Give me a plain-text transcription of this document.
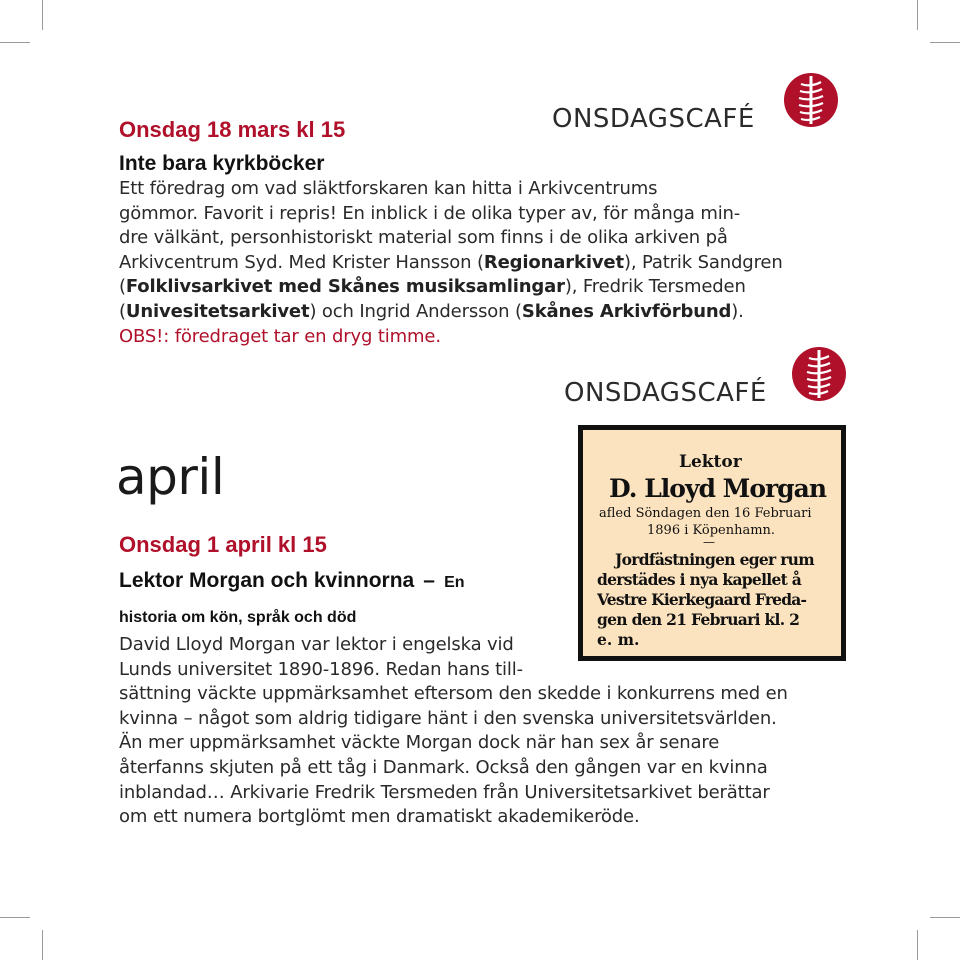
ONSDAGSCAFÉ
Onsdag 18 mars kl 15
Inte bara kyrkböcker
Ett föredrag om vad släktforskaren kan hitta i Arkivcentrums
gömmor. Favorit i repris! En inblick i de olika typer av, för många min-
dre välkänt, personhistoriskt material som finns i de olika arkiven på
Arkivcentrum Syd. Med Krister Hansson (Regionarkivet), Patrik Sandgren
(Folklivsarkivet med Skånes musiksamlingar), Fredrik Tersmeden
(Univesitetsarkivet) och Ingrid Andersson (Skånes Arkivförbund).
OBS!: föredraget tar en dryg timme.
ONSDAGSCAFÉ
april
Onsdag 1 april kl 15
Lektor Morgan och kvinnorna – En
historia om kön, språk och död
David Lloyd Morgan var lektor i engelska vid
Lunds universitet 1890-1896. Redan hans till-
sättning väckte uppmärksamhet eftersom den skedde i konkurrens med en
kvinna – något som aldrig tidigare hänt i den svenska universitetsvärlden.
Än mer uppmärksamhet väckte Morgan dock när han sex år senare
återfanns skjuten på ett tåg i Danmark. Också den gången var en kvinna
inblandad… Arkivarie Fredrik Tersmeden från Universitetsarkivet berättar
om ett numera bortglömt men dramatiskt akademikeröde.
Lektor
D. Lloyd Morgan
afled Söndagen den 16 Februari
1896 i Köpenhamn.
—
Jordfästningen eger rum
derstädes i nya kapellet å
Vestre Kierkegaard Freda-
gen den 21 Februari kl. 2
e. m.
